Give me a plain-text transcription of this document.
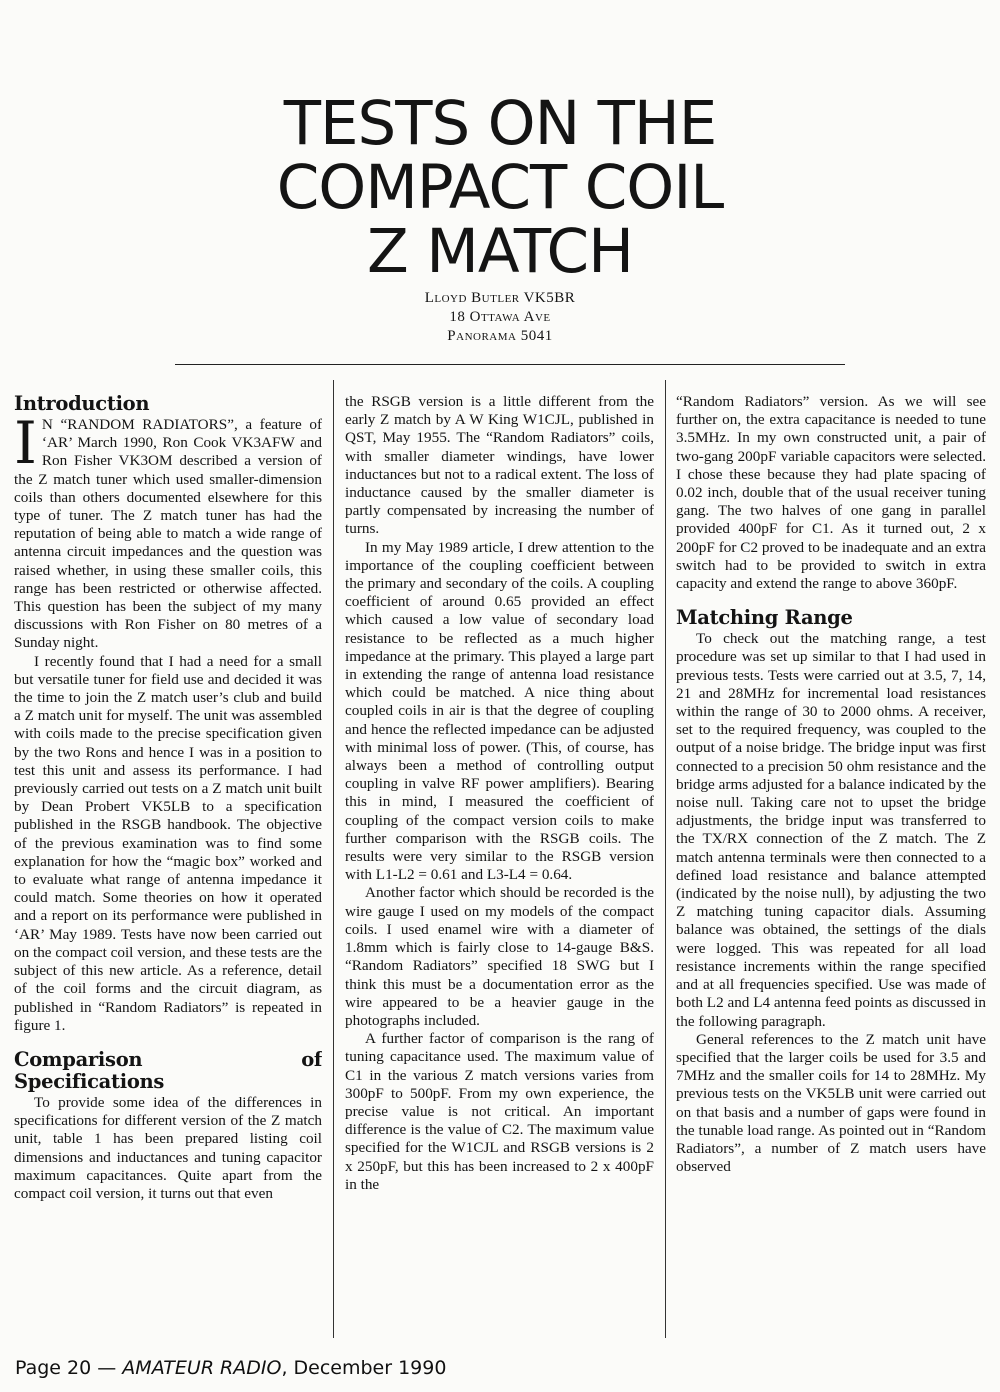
TESTS ON THE
COMPACT COIL
Z MATCH
Lloyd Butler VK5BR
18 Ottawa Ave
Panorama 5041
Introduction

I N “RANDOM RADIATORS”, a feature of ‘AR’ March 1990, Ron Cook VK3AFW and Ron Fisher VK3OM described a version of the Z match tuner which used smaller-dimension coils than others documented elsewhere for this type of tuner. The Z match tuner has had the reputation of being able to match a wide range of antenna circuit impedances and the question was raised whether, in using these smaller coils, this range has been restricted or otherwise affected. This question has been the subject of my many discussions with Ron Fisher on 80 metres of a Sunday night.

I recently found that I had a need for a small but versatile tuner for field use and decided it was the time to join the Z match user’s club and build a Z match unit for myself. The unit was assembled with coils made to the precise specification given by the two Rons and hence I was in a position to test this unit and assess its performance. I had previously carried out tests on a Z match unit built by Dean Probert VK5LB to a specification published in the RSGB handbook. The objective of the previous examination was to find some explanation for how the “magic box” worked and to evaluate what range of antenna impedance it could match. Some theories on how it operated and a report on its performance were published in ‘AR’ May 1989. Tests have now been carried out on the compact coil version, and these tests are the subject of this new article. As a reference, detail of the coil forms and the circuit diagram, as published in “Random Radiators” is repeated in figure 1.

Comparison of Specifications

To provide some idea of the differences in specifications for different version of the Z match unit, table 1 has been prepared listing coil dimensions and inductances and tuning capacitor maximum capacitances. Quite apart from the compact coil version, it turns out that even

the RSGB version is a little different from the early Z match by A W King W1CJL, published in QST, May 1955. The “Random Radiators” coils, with smaller diameter windings, have lower inductances but not to a radical extent. The loss of inductance caused by the smaller diameter is partly compensated by increasing the number of turns.

In my May 1989 article, I drew attention to the importance of the coupling coefficient between the primary and secondary of the coils. A coupling coefficient of around 0.65 provided an effect which caused a low value of secondary load resistance to be reflected as a much higher impedance at the primary. This played a large part in extending the range of antenna load resistance which could be matched. A nice thing about coupled coils in air is that the degree of coupling and hence the reflected impedance can be adjusted with minimal loss of power. (This, of course, has always been a method of controlling output coupling in valve RF power amplifiers). Bearing this in mind, I measured the coefficient of coupling of the compact version coils to make further comparison with the RSGB coils. The results were very similar to the RSGB version with L1-L2 = 0.61 and L3-L4 = 0.64.

Another factor which should be recorded is the wire gauge I used on my models of the compact coils. I used enamel wire with a diameter of 1.8mm which is fairly close to 14-gauge B&S. “Random Radiators” specified 18 SWG but I think this must be a documentation error as the wire appeared to be a heavier gauge in the photographs included.

A further factor of comparison is the rang of tuning capacitance used. The maximum value of C1 in the various Z match versions varies from 300pF to 500pF. From my own experience, the precise value is not critical. An important difference is the value of C2. The maximum value specified for the W1CJL and RSGB versions is 2 x 250pF, but this has been increased to 2 x 400pF in the

“Random Radiators” version. As we will see further on, the extra capacitance is needed to tune 3.5MHz. In my own constructed unit, a pair of two-gang 200pF variable capacitors were selected. I chose these because they had plate spacing of 0.02 inch, double that of the usual receiver tuning gang. The two halves of one gang in parallel provided 400pF for C1. As it turned out, 2 x 200pF for C2 proved to be inadequate and an extra switch had to be provided to switch in extra capacity and extend the range to above 360pF.

Matching Range

To check out the matching range, a test procedure was set up similar to that I had used in previous tests. Tests were carried out at 3.5, 7, 14, 21 and 28MHz for incremental load resistances within the range of 30 to 2000 ohms. A receiver, set to the required frequency, was coupled to the output of a noise bridge. The bridge input was first connected to a precision 50 ohm resistance and the bridge arms adjusted for a balance indicated by the noise null. Taking care not to upset the bridge adjustments, the bridge input was transferred to the TX/RX connection of the Z match. The Z match antenna terminals were then connected to a defined load resistance and balance attempted (indicated by the noise null), by adjusting the two Z matching tuning capacitor dials. Assuming balance was obtained, the settings of the dials were logged. This was repeated for all load resistance increments within the range specified and at all frequencies specified. Use was made of both L2 and L4 antenna feed points as discussed in the following paragraph.

General references to the Z match unit have specified that the larger coils be used for 3.5 and 7MHz and the smaller coils for 14 to 28MHz. My previous tests on the VK5LB unit were carried out on that basis and a number of gaps were found in the tunable load range. As pointed out in “Random Radiators”, a number of Z match users have observed

Page 20 — AMATEUR RADIO, December 1990
